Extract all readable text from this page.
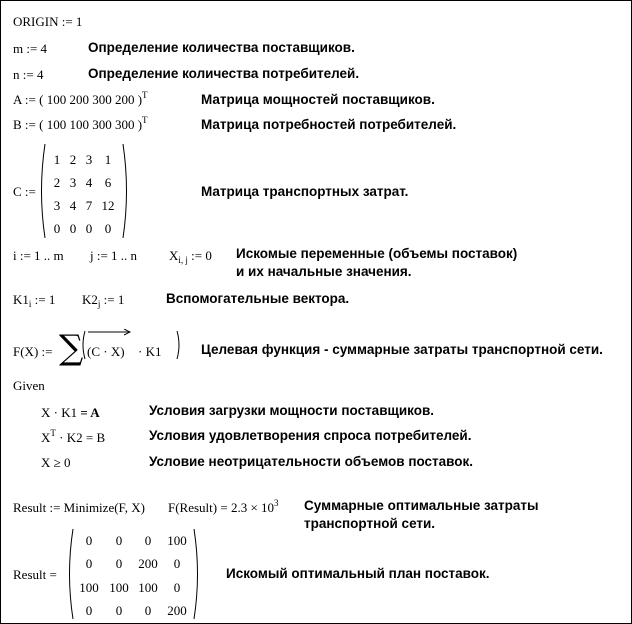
ORIGIN := 1
m := 4	Определение количества поставщиков.
n := 4	Определение количества потребителей.
A := ( 100 200 300 200 )$^T$	Матрица мощностей поставщиков.
B := ( 100 100 300 300 )$^T$	Матрица потребностей потребителей.
C :=
1 2 3 1
2 3 4 6
3 4 7 12
0 0 0 0
Матрица транспортных затрат.
i := 1 .. m j := 1 .. n $X_{i, j}$ := 0 Искомые переменные (объемы поставок)
и их начальные значения.
$K1_i$ := 1 $K2_j$ := 1	Вспомогательные вектора.
F(X) := ∑ (C · X) · K1	Целевая функция - суммарные затраты транспортной сети.
Given
X · K1 = A	Условия загрузки мощности поставщиков.
$X^T \cdot K2 = B$	Условия удовлетворения спроса потребителей.
X ≥ 0	Условие неотрицательности объемов поставок.
Result := Minimize(F, X) F(Result) = $2.3 \times 10^3$ Суммарные оптимальные затраты
транспортной сети.
Result =
0	0	0	100
0	0	200	0
100 100 100	0
0	0	0	200
Искомый оптимальный план поставок.
